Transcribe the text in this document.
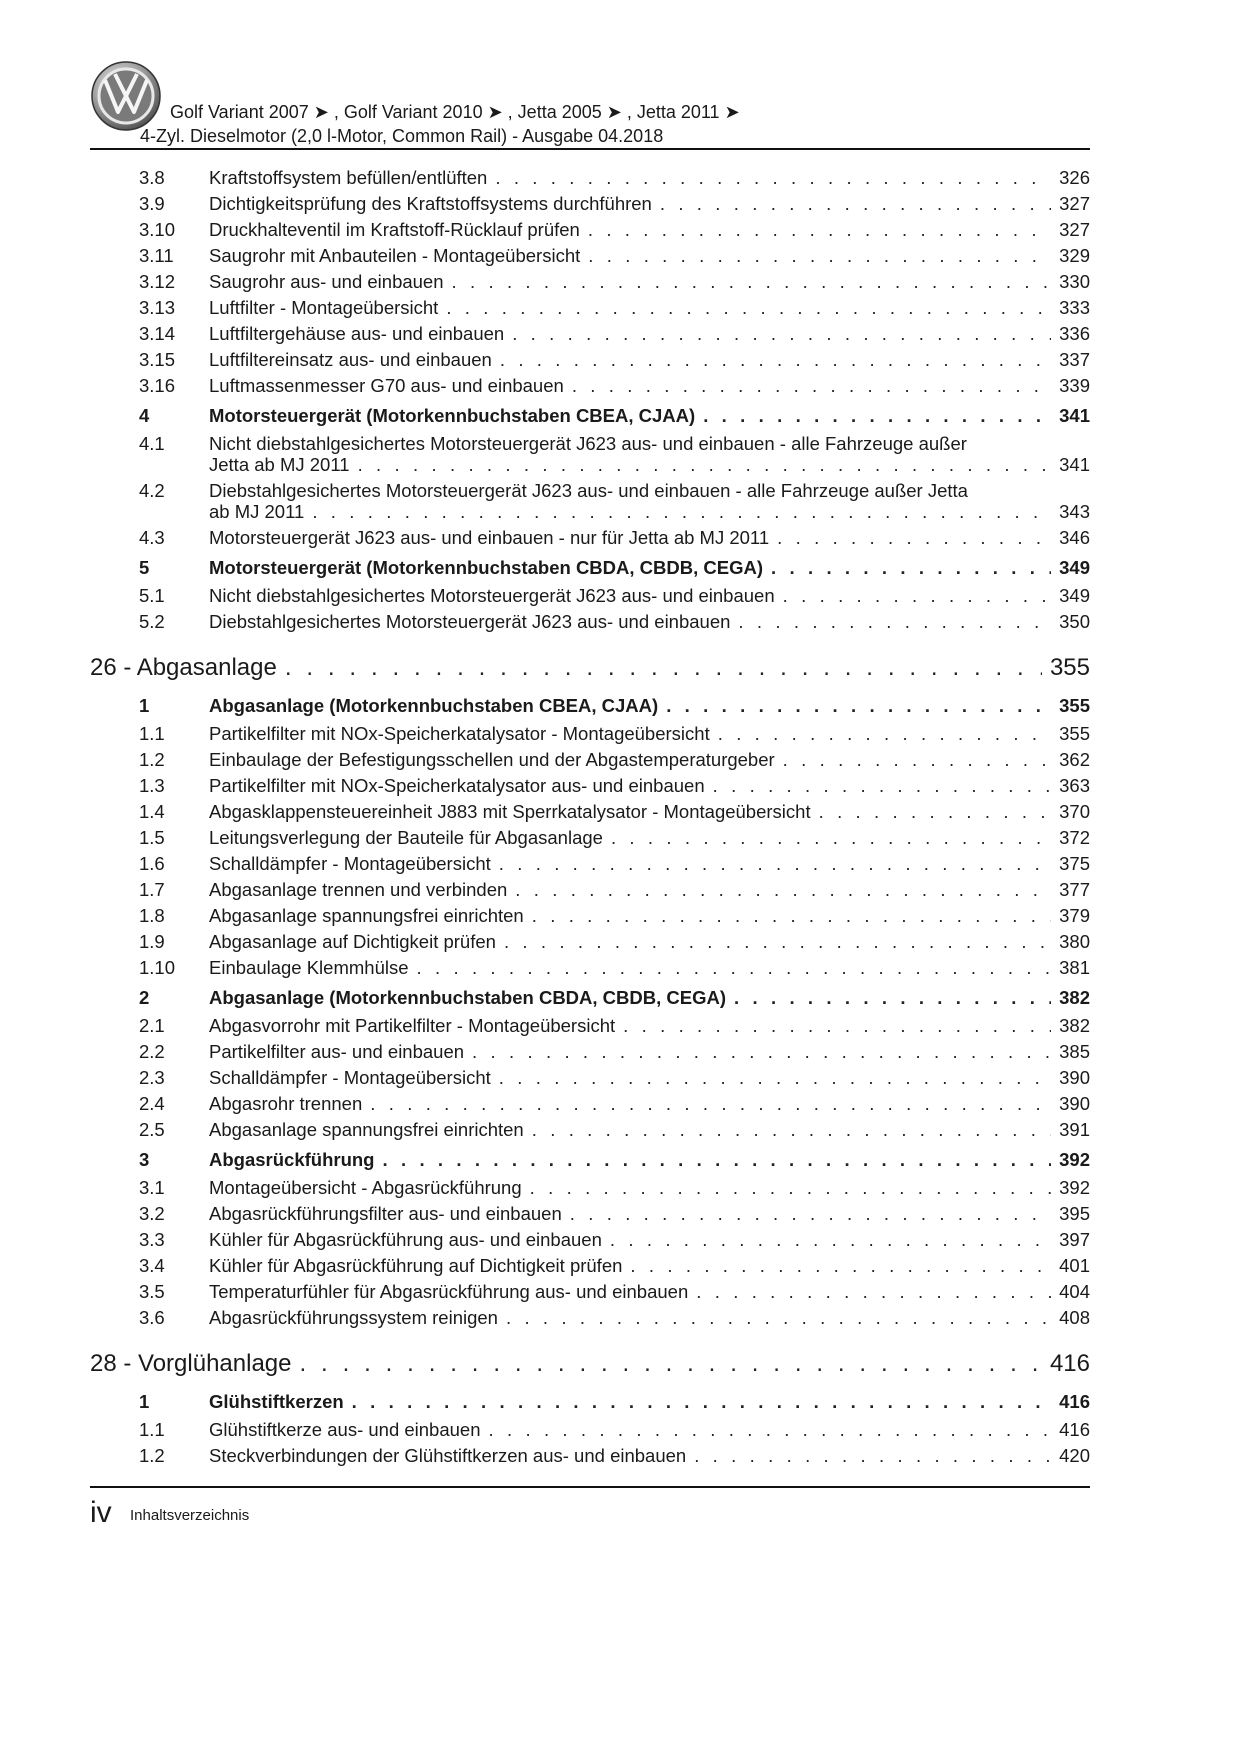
Golf Variant 2007 ➤ , Golf Variant 2010 ➤ , Jetta 2005 ➤ , Jetta 2011 ➤
4-Zyl. Dieselmotor (2,0 l-Motor, Common Rail) - Ausgabe 04.2018
3.8 Kraftstoffsystem befüllen/entlüften . . .	326
3.9 Dichtigkeitsprüfung des Kraftstoffsystems durchführen . . .	327
3.10 Druckhalteventil im Kraftstoff-Rücklauf prüfen . . .	327
3.11 Saugrohr mit Anbauteilen - Montageübersicht . . .	329
3.12 Saugrohr aus- und einbauen . . .	330
3.13 Luftfilter - Montageübersicht . . .	333
3.14 Luftfiltergehäuse aus- und einbauen . . .	336
3.15 Luftfiltereinsatz aus- und einbauen . . .	337
3.16 Luftmassenmesser G70 aus- und einbauen . . .	339
4	Motorsteuergerät (Motorkennbuchstaben CBEA, CJAA) . . .	341
4.1 Nicht diebstahlgesichertes Motorsteuergerät J623 aus- und einbauen - alle Fahrzeuge außer
Jetta ab MJ 2011 . . .	341
4.2 Diebstahlgesichertes Motorsteuergerät J623 aus- und einbauen - alle Fahrzeuge außer Jetta
ab MJ 2011 . . .	343
4.3 Motorsteuergerät J623 aus- und einbauen - nur für Jetta ab MJ 2011 . . .	346
5	Motorsteuergerät (Motorkennbuchstaben CBDA, CBDB, CEGA) . . .	349
5.1 Nicht diebstahlgesichertes Motorsteuergerät J623 aus- und einbauen . . .	349
5.2 Diebstahlgesichertes Motorsteuergerät J623 aus- und einbauen . . .	350
26 - Abgasanlage . . .	355
1	Abgasanlage (Motorkennbuchstaben CBEA, CJAA) . . .	355
1.1 Partikelfilter mit NOx-Speicherkatalysator - Montageübersicht . . .	355
1.2 Einbaulage der Befestigungsschellen und der Abgastemperaturgeber . . .	362
1.3 Partikelfilter mit NOx-Speicherkatalysator aus- und einbauen . . .	363
1.4 Abgasklappensteuereinheit J883 mit Sperrkatalysator - Montageübersicht . . .	370
1.5 Leitungsverlegung der Bauteile für Abgasanlage . . .	372
1.6 Schalldämpfer - Montageübersicht . . .	375
1.7 Abgasanlage trennen und verbinden . . .	377
1.8 Abgasanlage spannungsfrei einrichten . . .	379
1.9 Abgasanlage auf Dichtigkeit prüfen . . .	380
1.10 Einbaulage Klemmhülse . . .	381
2	Abgasanlage (Motorkennbuchstaben CBDA, CBDB, CEGA) . . .	382
2.1 Abgasvorrohr mit Partikelfilter - Montageübersicht . . .	382
2.2 Partikelfilter aus- und einbauen . . .	385
2.3 Schalldämpfer - Montageübersicht . . .	390
2.4 Abgasrohr trennen . . .	390
2.5 Abgasanlage spannungsfrei einrichten . . .	391
3	Abgasrückführung . . .	392
3.1 Montageübersicht - Abgasrückführung . . .	392
3.2 Abgasrückführungsfilter aus- und einbauen . . .	395
3.3 Kühler für Abgasrückführung aus- und einbauen . . .	397
3.4 Kühler für Abgasrückführung auf Dichtigkeit prüfen . . .	401
3.5 Temperaturfühler für Abgasrückführung aus- und einbauen . . .	404
3.6 Abgasrückführungssystem reinigen . . .	408
28 - Vorglühanlage . . .	416
1	Glühstiftkerzen . . .	416
1.1 Glühstiftkerze aus- und einbauen . . .	416
1.2 Steckverbindungen der Glühstiftkerzen aus- und einbauen . . .	420
iv Inhaltsverzeichnis
